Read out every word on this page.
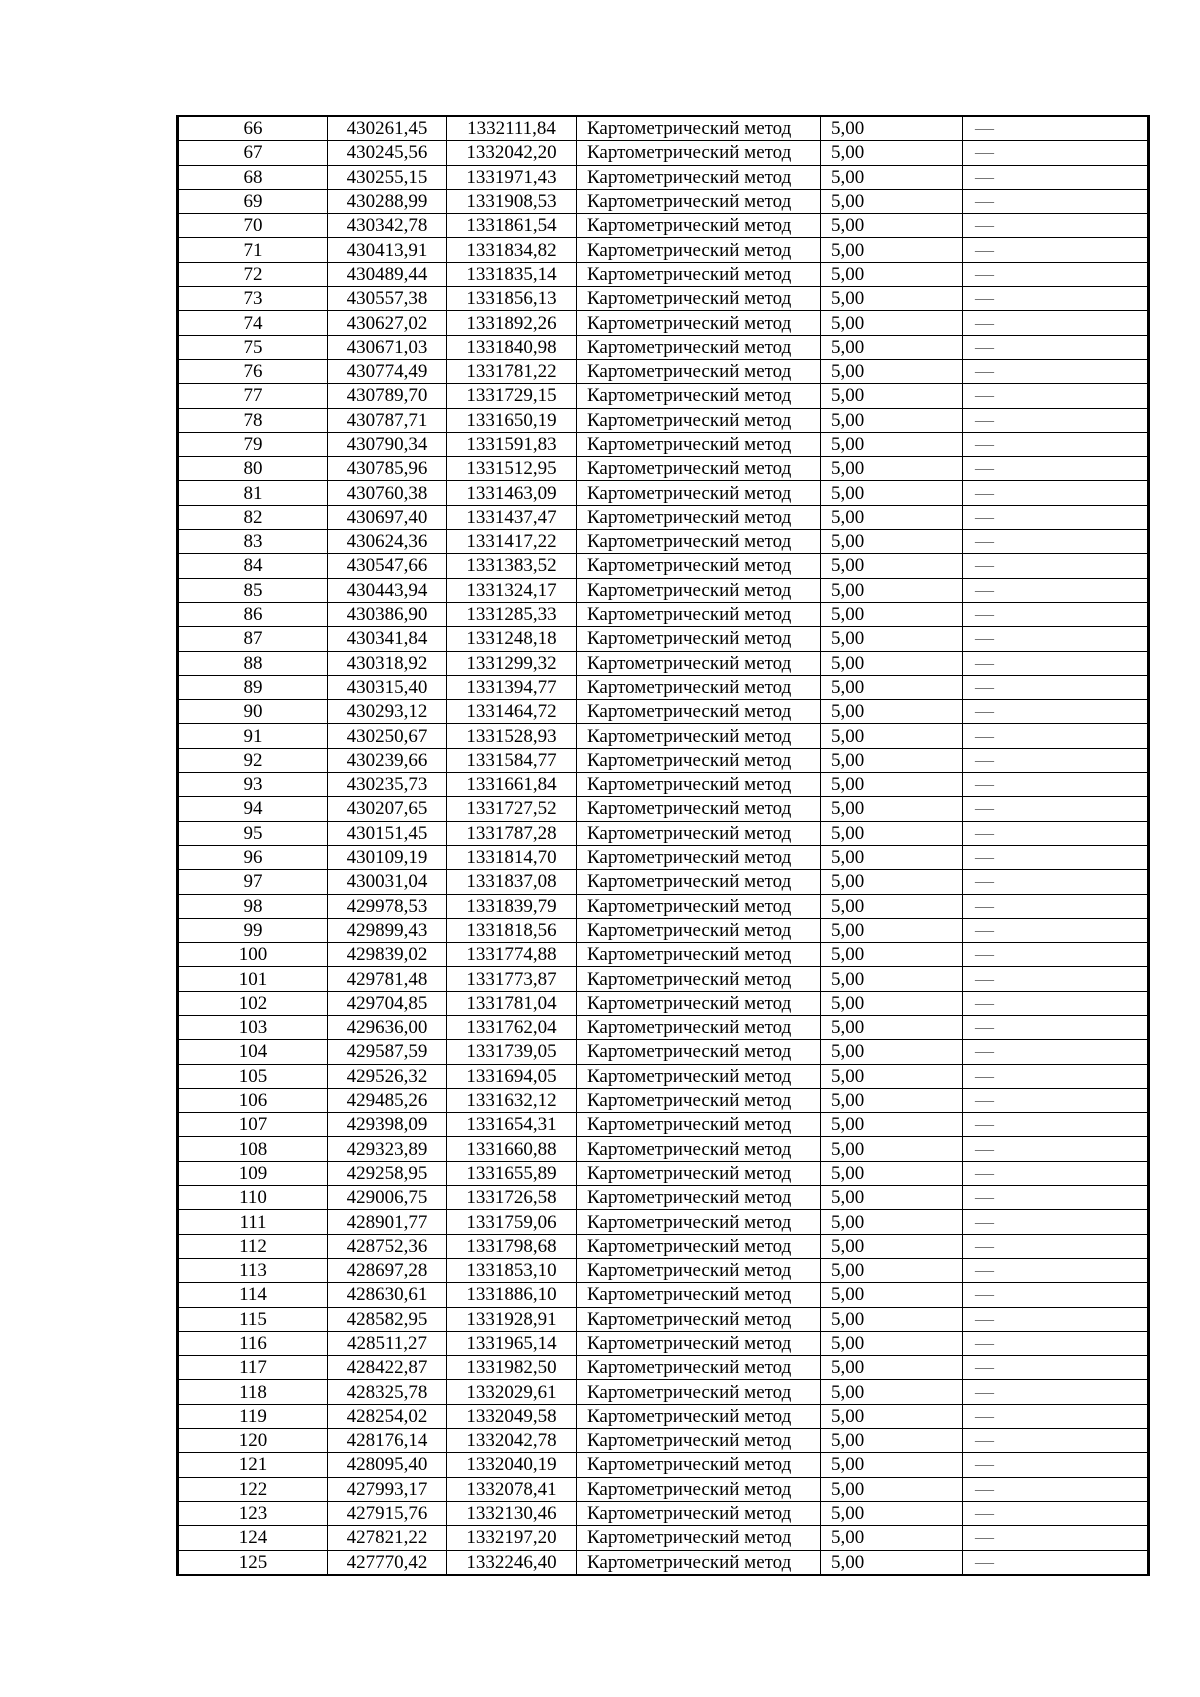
66	430261,45	1332111,84	Картометрический метод	5,00	—
67	430245,56	1332042,20	Картометрический метод	5,00	—
68	430255,15	1331971,43	Картометрический метод	5,00	—
69	430288,99	1331908,53	Картометрический метод	5,00	—
70	430342,78	1331861,54	Картометрический метод	5,00	—
71	430413,91	1331834,82	Картометрический метод	5,00	—
72	430489,44	1331835,14	Картометрический метод	5,00	—
73	430557,38	1331856,13	Картометрический метод	5,00	—
74	430627,02	1331892,26	Картометрический метод	5,00	—
75	430671,03	1331840,98	Картометрический метод	5,00	—
76	430774,49	1331781,22	Картометрический метод	5,00	—
77	430789,70	1331729,15	Картометрический метод	5,00	—
78	430787,71	1331650,19	Картометрический метод	5,00	—
79	430790,34	1331591,83	Картометрический метод	5,00	—
80	430785,96	1331512,95	Картометрический метод	5,00	—
81	430760,38	1331463,09	Картометрический метод	5,00	—
82	430697,40	1331437,47	Картометрический метод	5,00	—
83	430624,36	1331417,22	Картометрический метод	5,00	—
84	430547,66	1331383,52	Картометрический метод	5,00	—
85	430443,94	1331324,17	Картометрический метод	5,00	—
86	430386,90	1331285,33	Картометрический метод	5,00	—
87	430341,84	1331248,18	Картометрический метод	5,00	—
88	430318,92	1331299,32	Картометрический метод	5,00	—
89	430315,40	1331394,77	Картометрический метод	5,00	—
90	430293,12	1331464,72	Картометрический метод	5,00	—
91	430250,67	1331528,93	Картометрический метод	5,00	—
92	430239,66	1331584,77	Картометрический метод	5,00	—
93	430235,73	1331661,84	Картометрический метод	5,00	—
94	430207,65	1331727,52	Картометрический метод	5,00	—
95	430151,45	1331787,28	Картометрический метод	5,00	—
96	430109,19	1331814,70	Картометрический метод	5,00	—
97	430031,04	1331837,08	Картометрический метод	5,00	—
98	429978,53	1331839,79	Картометрический метод	5,00	—
99	429899,43	1331818,56	Картометрический метод	5,00	—
100	429839,02	1331774,88	Картометрический метод	5,00	—
101	429781,48	1331773,87	Картометрический метод	5,00	—
102	429704,85	1331781,04	Картометрический метод	5,00	—
103	429636,00	1331762,04	Картометрический метод	5,00	—
104	429587,59	1331739,05	Картометрический метод	5,00	—
105	429526,32	1331694,05	Картометрический метод	5,00	—
106	429485,26	1331632,12	Картометрический метод	5,00	—
107	429398,09	1331654,31	Картометрический метод	5,00	—
108	429323,89	1331660,88	Картометрический метод	5,00	—
109	429258,95	1331655,89	Картометрический метод	5,00	—
110	429006,75	1331726,58	Картометрический метод	5,00	—
111	428901,77	1331759,06	Картометрический метод	5,00	—
112	428752,36	1331798,68	Картометрический метод	5,00	—
113	428697,28	1331853,10	Картометрический метод	5,00	—
114	428630,61	1331886,10	Картометрический метод	5,00	—
115	428582,95	1331928,91	Картометрический метод	5,00	—
116	428511,27	1331965,14	Картометрический метод	5,00	—
117	428422,87	1331982,50	Картометрический метод	5,00	—
118	428325,78	1332029,61	Картометрический метод	5,00	—
119	428254,02	1332049,58	Картометрический метод	5,00	—
120	428176,14	1332042,78	Картометрический метод	5,00	—
121	428095,40	1332040,19	Картометрический метод	5,00	—
122	427993,17	1332078,41	Картометрический метод	5,00	—
123	427915,76	1332130,46	Картометрический метод	5,00	—
124	427821,22	1332197,20	Картометрический метод	5,00	—
125	427770,42	1332246,40	Картометрический метод	5,00	—
